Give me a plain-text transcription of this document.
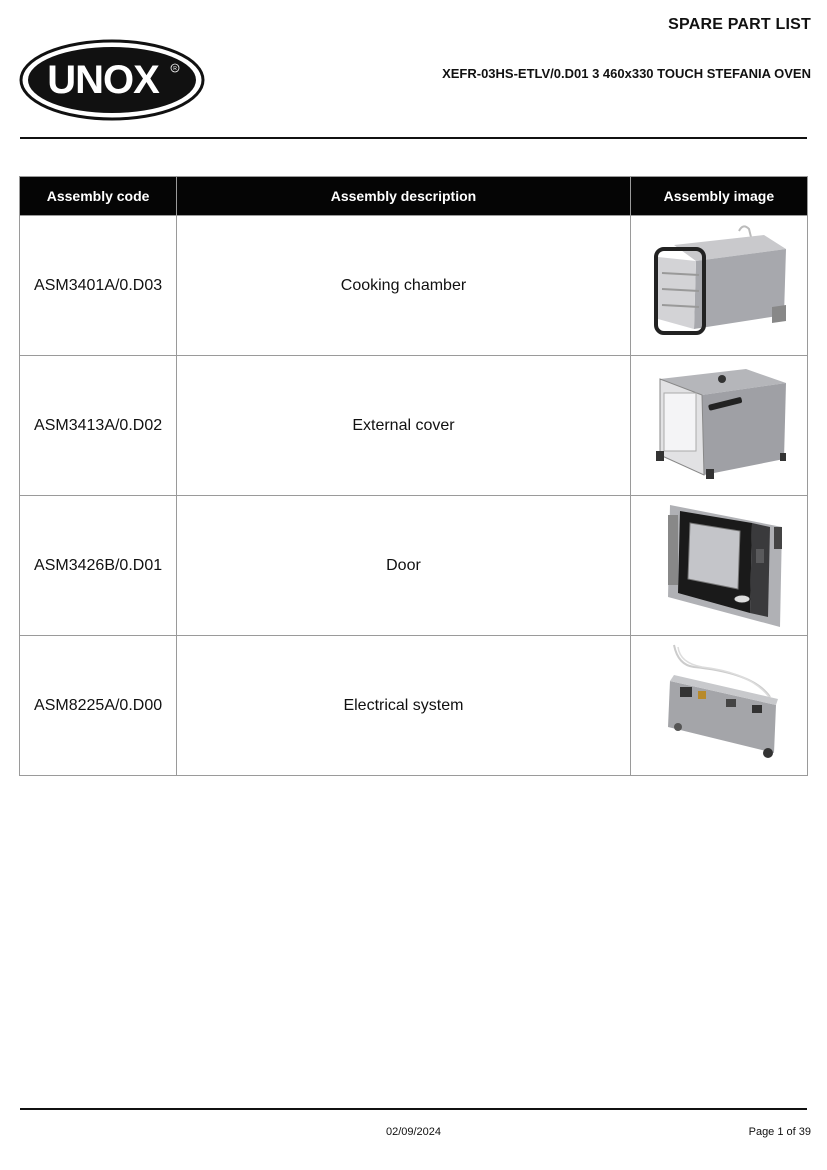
UNOX	R
SPARE PART LIST
XEFR-03HS-ETLV/0.D01 3 460x330 TOUCH STEFANIA OVEN
Assembly code	Assembly description	Assembly image
ASM3401A/0.D03	Cooking chamber	

ASM3413A/0.D02	External cover	

ASM3426B/0.D01	Door	

ASM8225A/0.D00	Electrical system	
02/09/2024	Page 1 of 39
